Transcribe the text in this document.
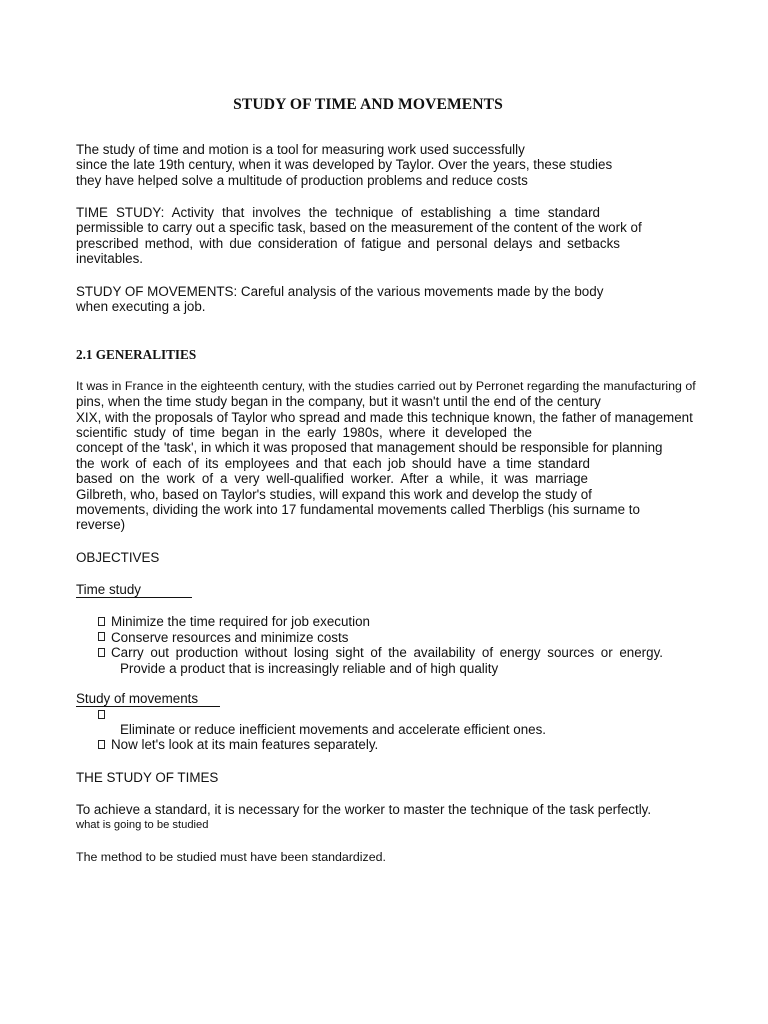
STUDY OF TIME AND MOVEMENTS
The study of time and motion is a tool for measuring work used successfully
since the late 19th century, when it was developed by Taylor. Over the years, these studies
they have helped solve a multitude of production problems and reduce costs
TIME STUDY: Activity that involves the technique of establishing a time standard
permissible to carry out a specific task, based on the measurement of the content of the work of
prescribed method, with due consideration of fatigue and personal delays and setbacks
inevitables.
STUDY OF MOVEMENTS: Careful analysis of the various movements made by the body
when executing a job.
2.1 GENERALITIES
It was in France in the eighteenth century, with the studies carried out by Perronet regarding the manufacturing of
pins, when the time study began in the company, but it wasn't until the end of the century
XIX, with the proposals of Taylor who spread and made this technique known, the father of management
scientific study of time began in the early 1980s, where it developed the
concept of the 'task', in which it was proposed that management should be responsible for planning
the work of each of its employees and that each job should have a time standard
based on the work of a very well-qualified worker. After a while, it was marriage
Gilbreth, who, based on Taylor's studies, will expand this work and develop the study of
movements, dividing the work into 17 fundamental movements called Therbligs (his surname to
reverse)
OBJECTIVES
Time study
Minimize the time required for job execution
Conserve resources and minimize costs
Carry out production without losing sight of the availability of energy sources or energy.
Provide a product that is increasingly reliable and of high quality
Study of movements
Eliminate or reduce inefficient movements and accelerate efficient ones.
Now let's look at its main features separately.
THE STUDY OF TIMES
To achieve a standard, it is necessary for the worker to master the technique of the task perfectly.
what is going to be studied
The method to be studied must have been standardized.
